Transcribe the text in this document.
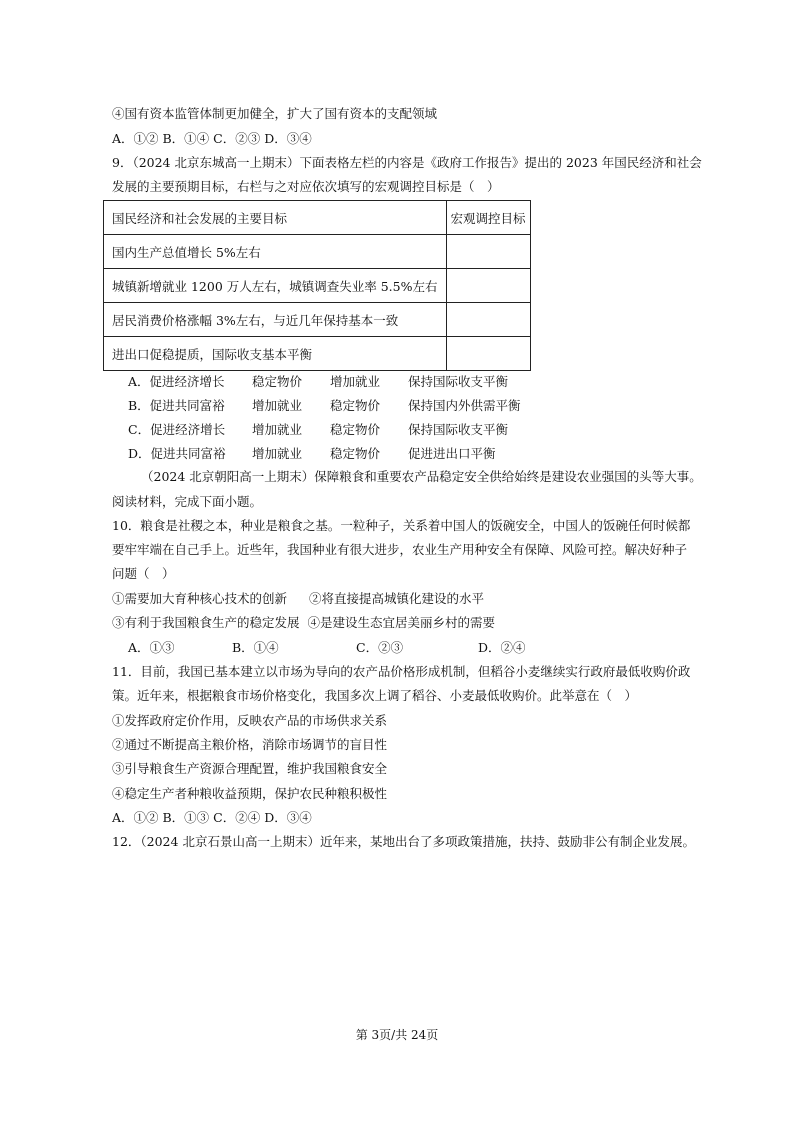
④国有资本监管体制更加健全，扩大了国有资本的支配领域
A．①② B．①④ C．②③ D．③④
9．（2024 北京东城高一上期末）下面表格左栏的内容是《政府工作报告》提出的 2023 年国民经济和社会
发展的主要预期目标，右栏与之对应依次填写的宏观调控目标是（　）
国民经济和社会发展的主要目标	宏观调控目标
国内生产总值增长 5%左右	
城镇新增就业 1200 万人左右，城镇调查失业率 5.5%左右	
居民消费价格涨幅 3%左右，与近几年保持基本一致	
进出口促稳提质，国际收支基本平衡	
A．促进经济增长 稳定物价 增加就业 保持国际收支平衡
B．促进共同富裕 增加就业 稳定物价 保持国内外供需平衡
C．促进经济增长 增加就业 稳定物价 保持国际收支平衡
D．促进共同富裕 增加就业 稳定物价 促进进出口平衡
（2024 北京朝阳高一上期末）保障粮食和重要农产品稳定安全供给始终是建设农业强国的头等大事。
阅读材料，完成下面小题。
10．粮食是社稷之本，种业是粮食之基。一粒种子，关系着中国人的饭碗安全，中国人的饭碗任何时候都
要牢牢端在自己手上。近些年，我国种业有很大进步，农业生产用种安全有保障、风险可控。解决好种子
问题（　）
①需要加大育种核心技术的创新 ②将直接提高城镇化建设的水平
③有利于我国粮食生产的稳定发展 ④是建设生态宜居美丽乡村的需要
A．①③	B．①④	C．②③	D．②④
11．目前，我国已基本建立以市场为导向的农产品价格形成机制，但稻谷小麦继续实行政府最低收购价政
策。近年来，根据粮食市场价格变化，我国多次上调了稻谷、小麦最低收购价。此举意在（　）
①发挥政府定价作用，反映农产品的市场供求关系
②通过不断提高主粮价格，消除市场调节的盲目性
③引导粮食生产资源合理配置，维护我国粮食安全
④稳定生产者种粮收益预期，保护农民种粮积极性
A．①② B．①③ C．②④ D．③④
12．（2024 北京石景山高一上期末）近年来，某地出台了多项政策措施，扶持、鼓励非公有制企业发展。
第 3页/共 24页
